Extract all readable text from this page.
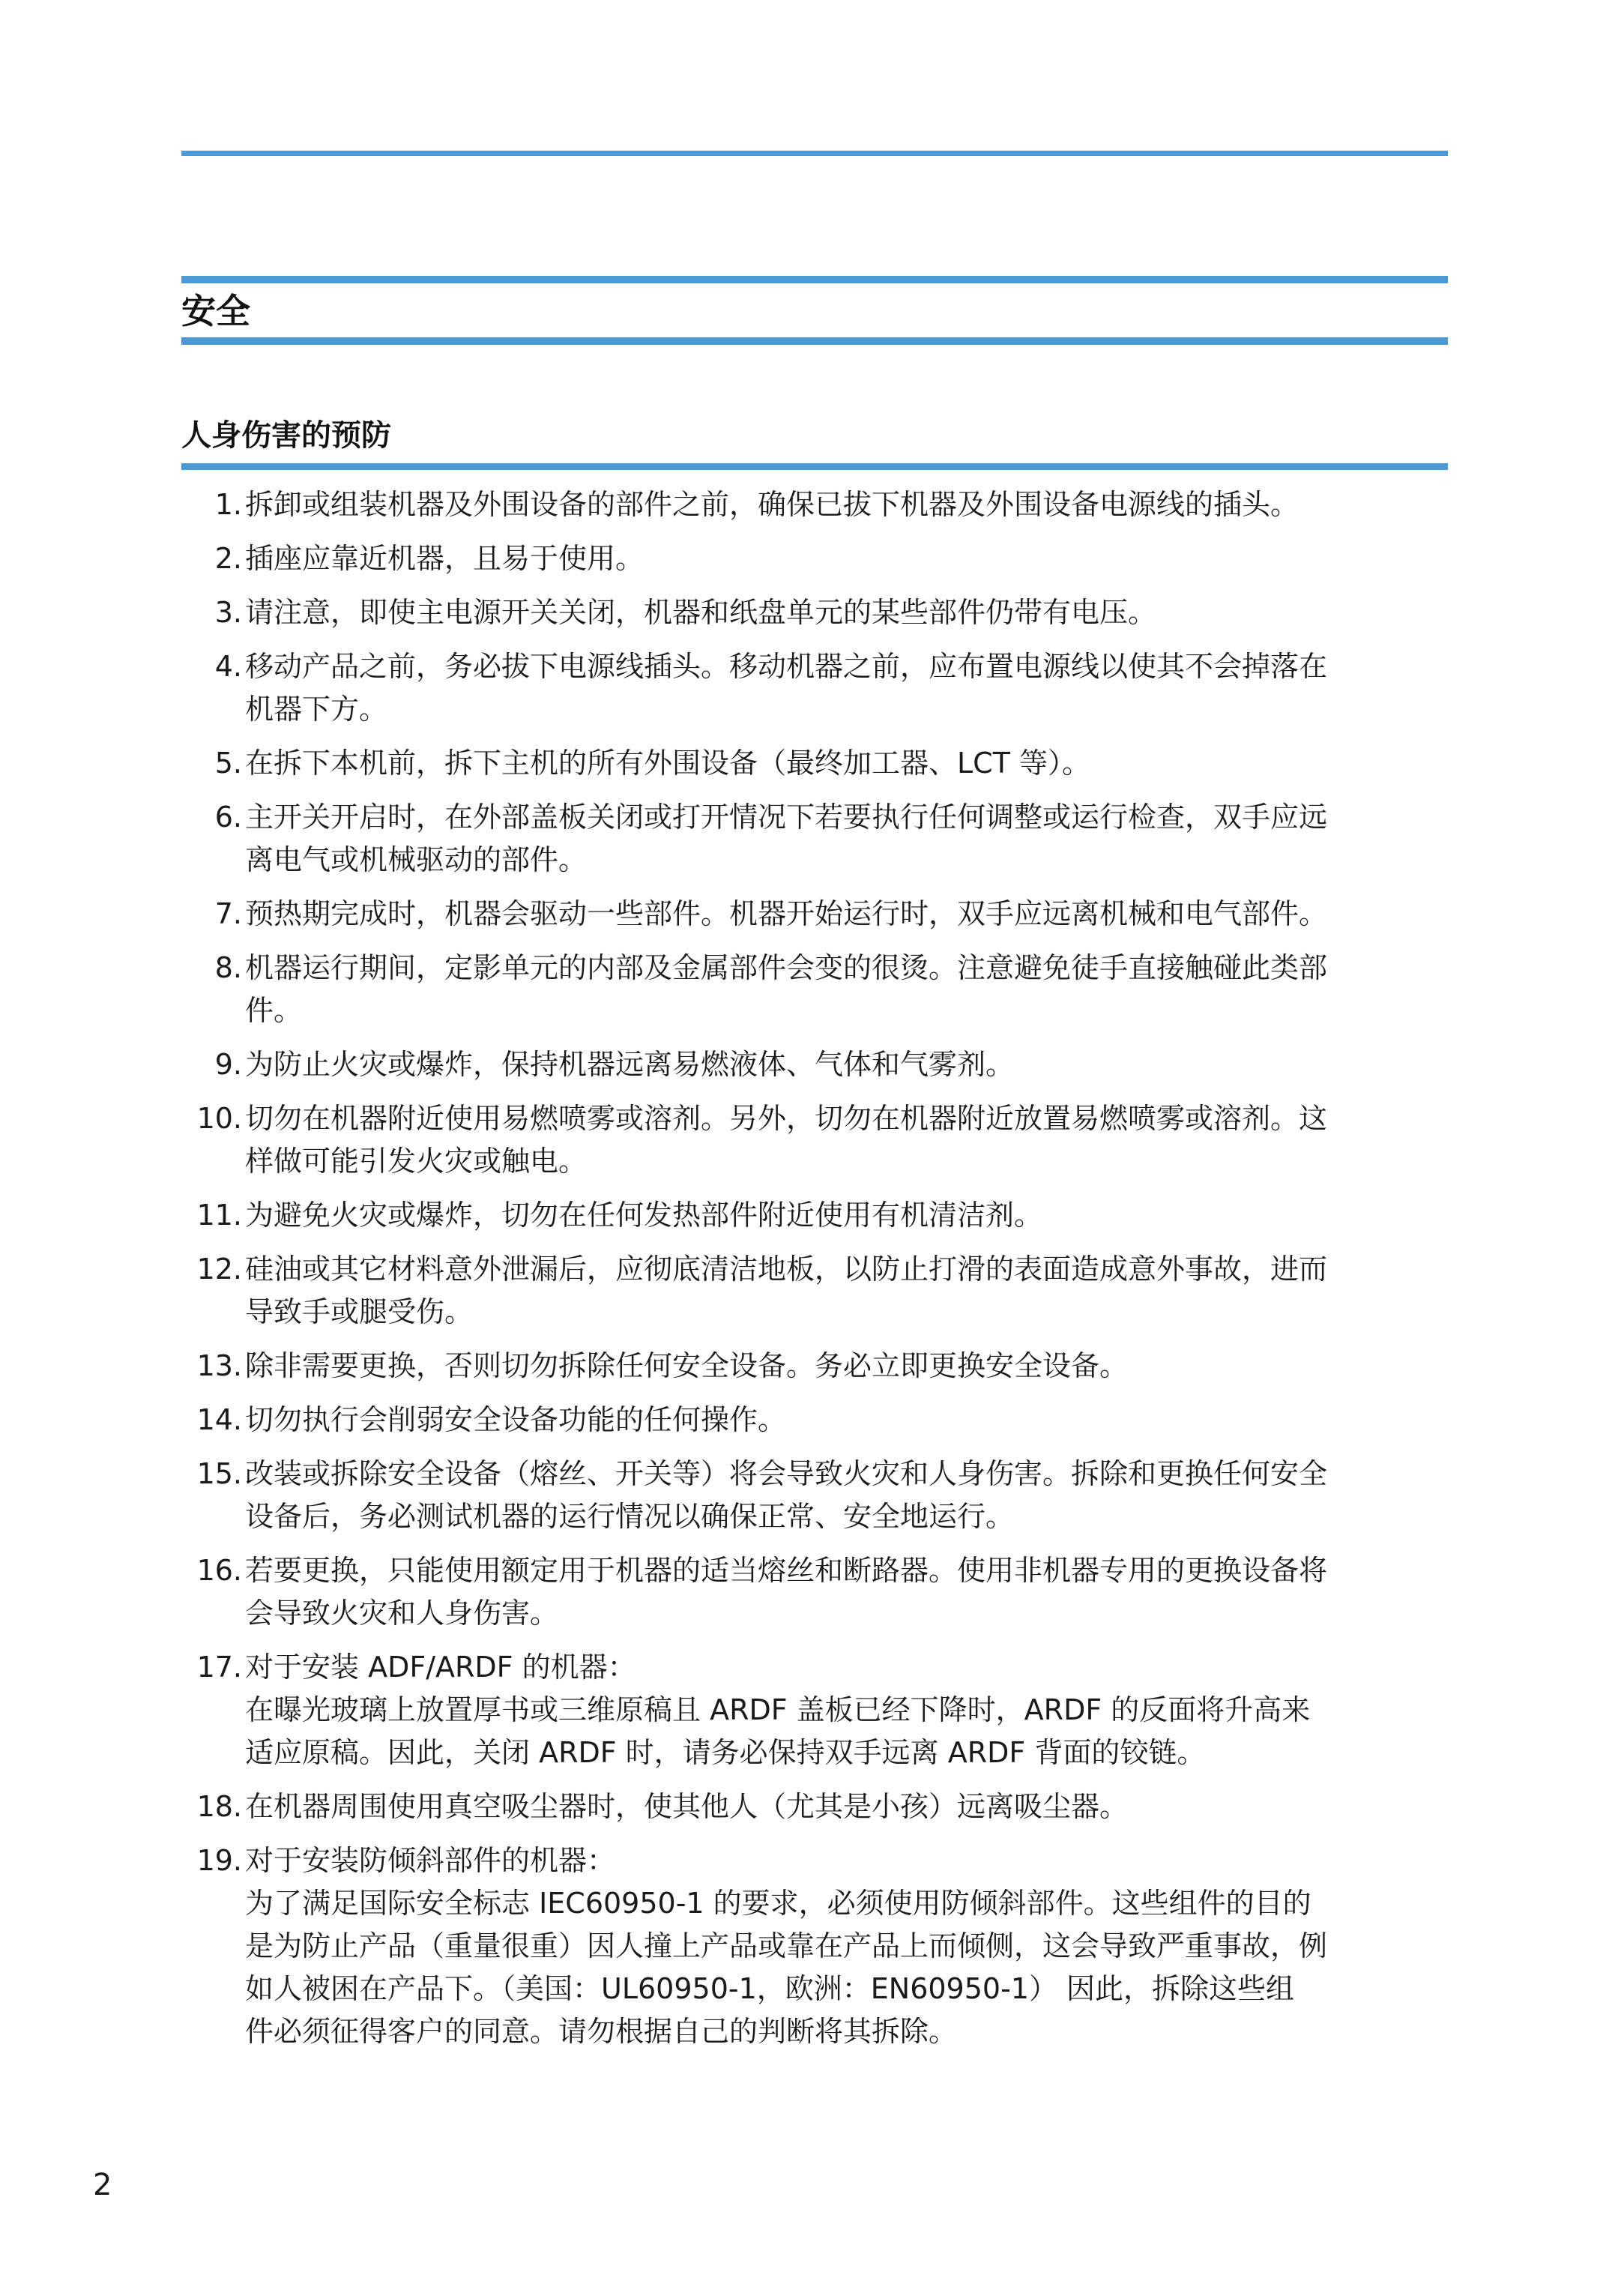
安全
人身伤害的预防
1. 拆卸或组装机器及外围设备的部件之前，确保已拔下机器及外围设备电源线的插头。
2. 插座应靠近机器，且易于使用。
3. 请注意，即使主电源开关关闭，机器和纸盘单元的某些部件仍带有电压。
4. 移动产品之前，务必拔下电源线插头。移动机器之前，应布置电源线以使其不会掉落在
机器下方。
5. 在拆下本机前，拆下主机的所有外围设备（最终加工器、LCT 等）。
6. 主开关开启时，在外部盖板关闭或打开情况下若要执行任何调整或运行检查，双手应远
离电气或机械驱动的部件。
7. 预热期完成时，机器会驱动一些部件。机器开始运行时，双手应远离机械和电气部件。
8. 机器运行期间，定影单元的内部及金属部件会变的很烫。注意避免徒手直接触碰此类部
件。
9. 为防止火灾或爆炸，保持机器远离易燃液体、气体和气雾剂。
10. 切勿在机器附近使用易燃喷雾或溶剂。另外，切勿在机器附近放置易燃喷雾或溶剂。这
样做可能引发火灾或触电。
11. 为避免火灾或爆炸，切勿在任何发热部件附近使用有机清洁剂。
12. 硅油或其它材料意外泄漏后，应彻底清洁地板，以防止打滑的表面造成意外事故，进而
导致手或腿受伤。
13. 除非需要更换，否则切勿拆除任何安全设备。务必立即更换安全设备。
14. 切勿执行会削弱安全设备功能的任何操作。
15. 改装或拆除安全设备（熔丝、开关等）将会导致火灾和人身伤害。拆除和更换任何安全
设备后，务必测试机器的运行情况以确保正常、安全地运行。
16. 若要更换，只能使用额定用于机器的适当熔丝和断路器。使用非机器专用的更换设备将
会导致火灾和人身伤害。
17. 对于安装 ADF/ARDF 的机器：
在曝光玻璃上放置厚书或三维原稿且 ARDF 盖板已经下降时，ARDF 的反面将升高来
适应原稿。因此，关闭 ARDF 时，请务必保持双手远离 ARDF 背面的铰链。
18. 在机器周围使用真空吸尘器时，使其他人（尤其是小孩）远离吸尘器。
19. 对于安装防倾斜部件的机器：
为了满足国际安全标志 IEC60950-1 的要求，必须使用防倾斜部件。这些组件的目的
是为防止产品（重量很重）因人撞上产品或靠在产品上而倾侧，这会导致严重事故，例
如人被困在产品下。（美国：UL60950-1，欧洲：EN60950-1） 因此，拆除这些组
件必须征得客户的同意。请勿根据自己的判断将其拆除。
2
